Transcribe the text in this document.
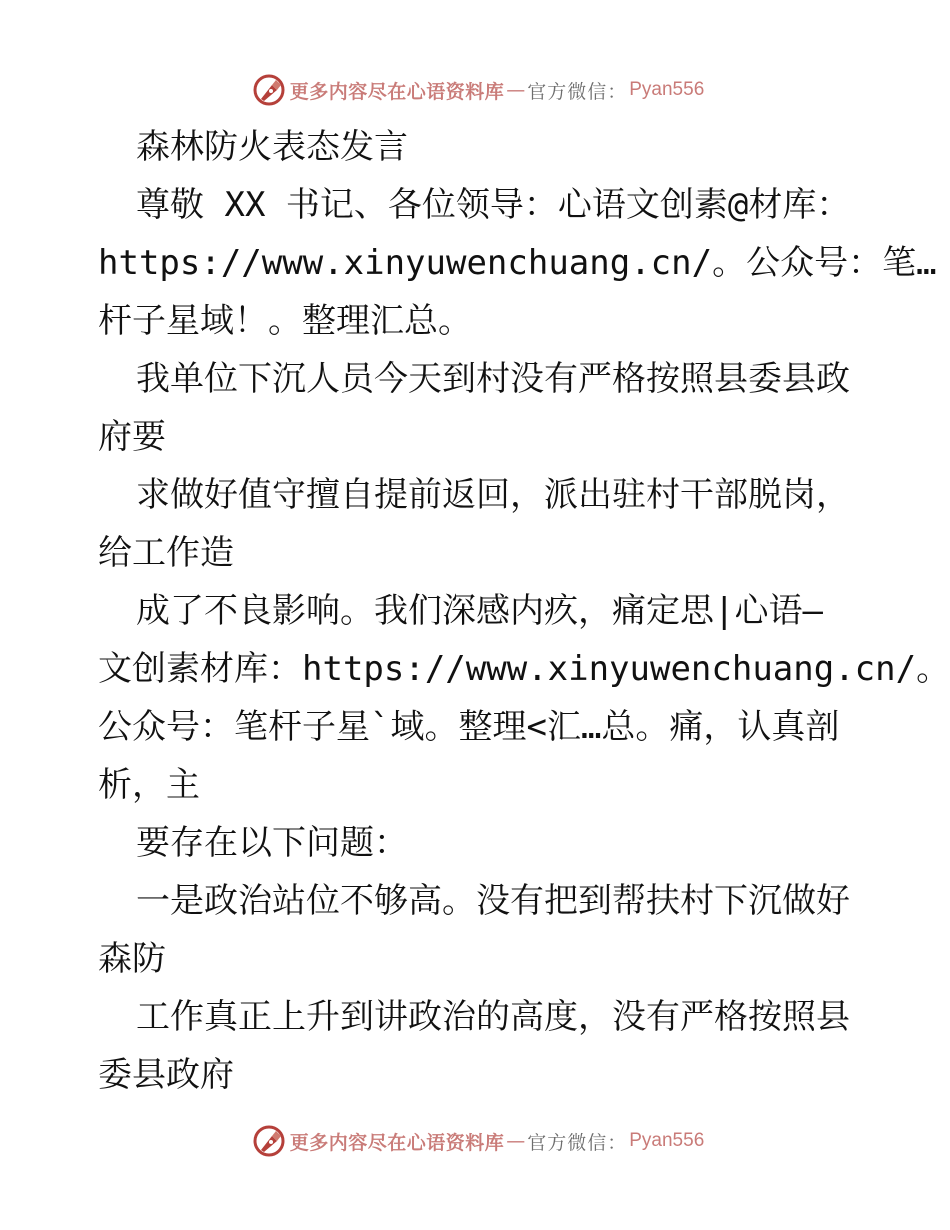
更多内容尽在心语资料库 — 官方微信： Pyan556
森林防火表态发言
尊敬 XX 书记、各位领导：心语文创素@材库：
https://www.xinyuwenchuang.cn/。公众号：笔…
杆子星域！。整理汇总。
我单位下沉人员今天到村没有严格按照县委县政
府要
求做好值守擅自提前返回，派出驻村干部脱岗，
给工作造
成了不良影响。我们深感内疚，痛定思|心语—
文创素材库：https://www.xinyuwenchuang.cn/。
公众号：笔杆子星`域。整理<汇…总。痛，认真剖
析，主
要存在以下问题：
一是政治站位不够高。没有把到帮扶村下沉做好
森防
工作真正上升到讲政治的高度，没有严格按照县
委县政府
更多内容尽在心语资料库 — 官方微信： Pyan556
